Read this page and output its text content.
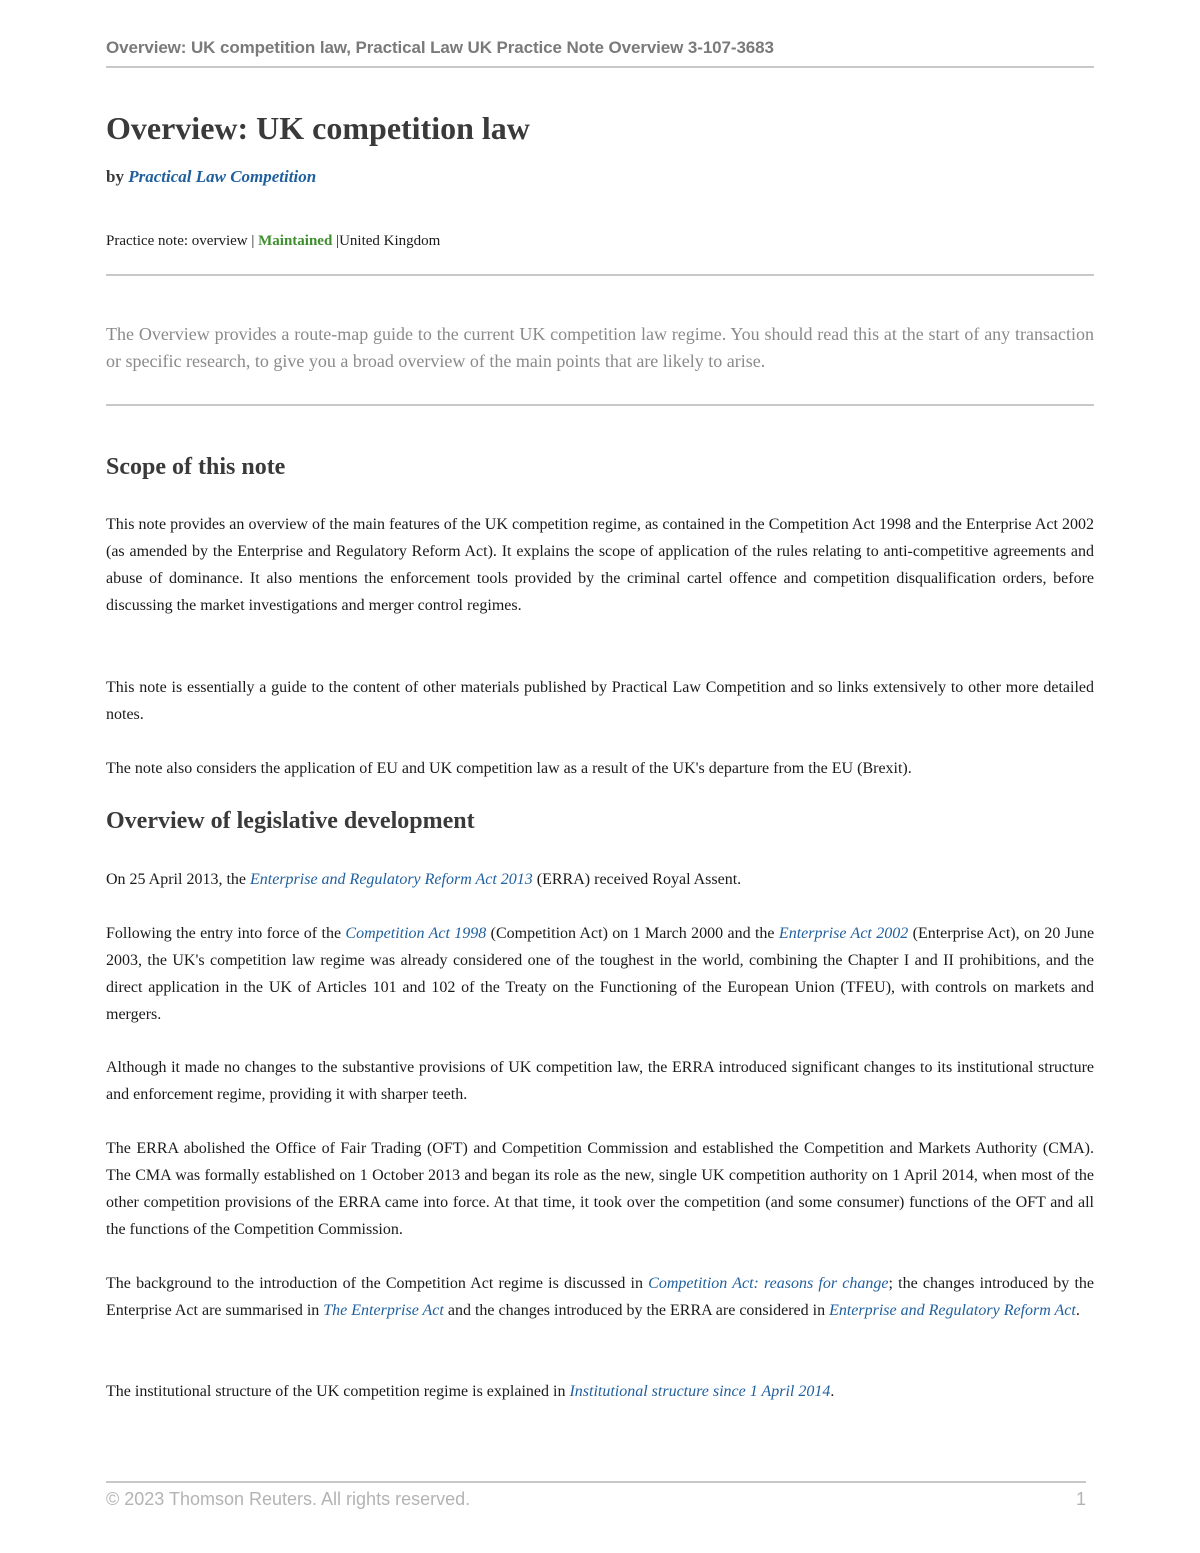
Overview: UK competition law, Practical Law UK Practice Note Overview 3-107-3683
Overview: UK competition law
by Practical Law Competition
Practice note: overview | Maintained |United Kingdom

The Overview provides a route-map guide to the current UK competition law regime. You should read this at the start of any transaction or specific research, to give you a broad overview of the main points that are likely to arise.

Scope of this note

This note provides an overview of the main features of the UK competition regime, as contained in the Competition Act 1998 and the Enterprise Act 2002 (as amended by the Enterprise and Regulatory Reform Act). It explains the scope of application of the rules relating to anti-competitive agreements and abuse of dominance. It also mentions the enforcement tools provided by the criminal cartel offence and competition disqualification orders, before discussing the market investigations and merger control regimes.

This note is essentially a guide to the content of other materials published by Practical Law Competition and so links extensively to other more detailed notes.

The note also considers the application of EU and UK competition law as a result of the UK's departure from the EU (Brexit).

Overview of legislative development

On 25 April 2013, the Enterprise and Regulatory Reform Act 2013 (ERRA) received Royal Assent.

Following the entry into force of the Competition Act 1998 (Competition Act) on 1 March 2000 and the Enterprise Act 2002 (Enterprise Act), on 20 June 2003, the UK's competition law regime was already considered one of the toughest in the world, combining the Chapter I and II prohibitions, and the direct application in the UK of Articles 101 and 102 of the Treaty on the Functioning of the European Union (TFEU), with controls on markets and mergers.

Although it made no changes to the substantive provisions of UK competition law, the ERRA introduced significant changes to its institutional structure and enforcement regime, providing it with sharper teeth.

The ERRA abolished the Office of Fair Trading (OFT) and Competition Commission and established the Competition and Markets Authority (CMA). The CMA was formally established on 1 October 2013 and began its role as the new, single UK competition authority on 1 April 2014, when most of the other competition provisions of the ERRA came into force. At that time, it took over the competition (and some consumer) functions of the OFT and all the functions of the Competition Commission.

The background to the introduction of the Competition Act regime is discussed in Competition Act: reasons for change; the changes introduced by the Enterprise Act are summarised in The Enterprise Act and the changes introduced by the ERRA are considered in Enterprise and Regulatory Reform Act.

The institutional structure of the UK competition regime is explained in Institutional structure since 1 April 2014.

© 2023 Thomson Reuters. All rights reserved.	1
